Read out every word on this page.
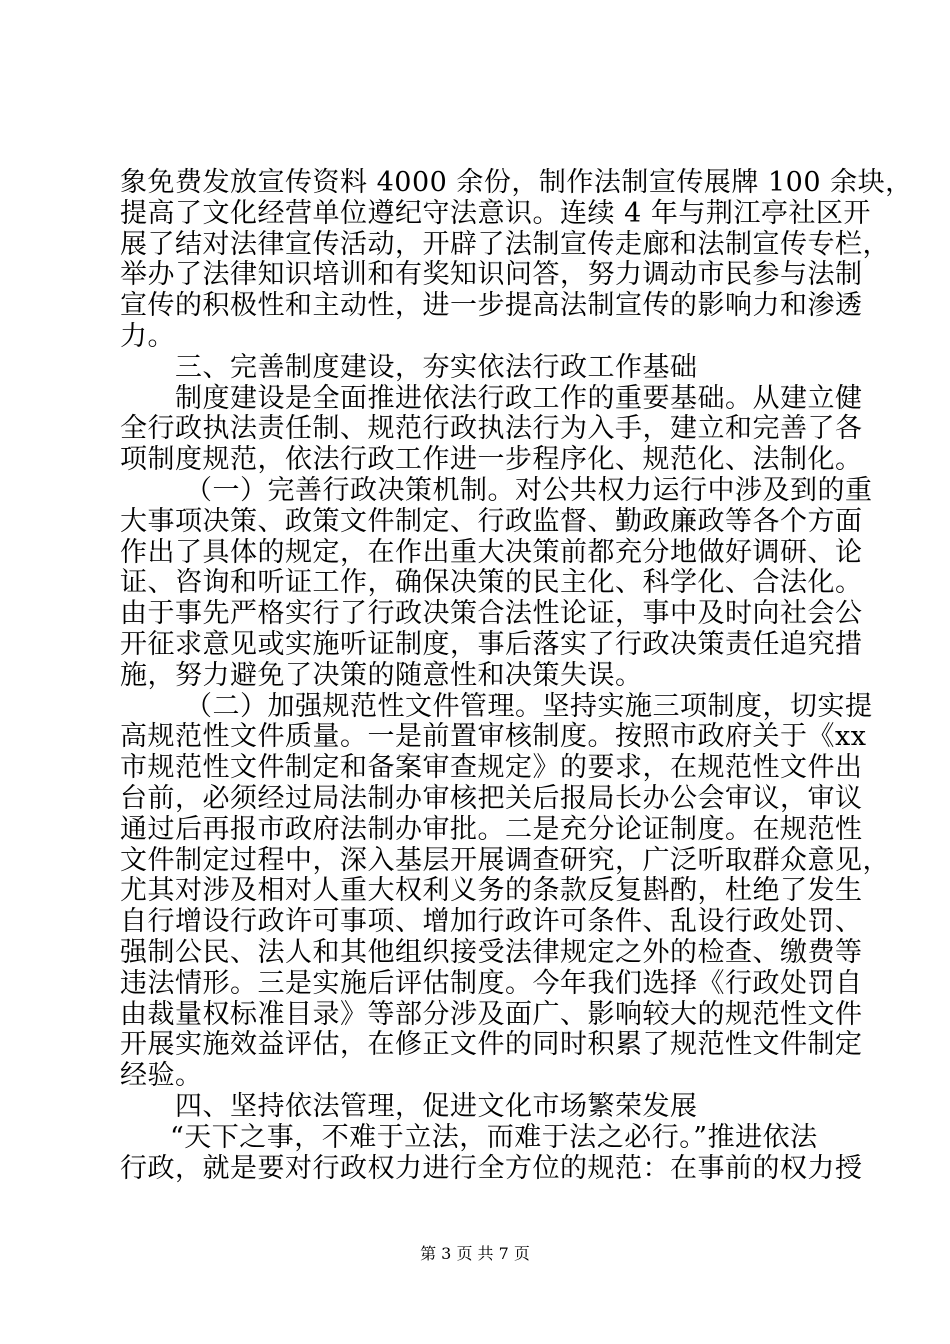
象免费发放宣传资料 4000 余份，制作法制宣传展牌 100 余块，
提高了文化经营单位遵纪守法意识。连续 4 年与荆江亭社区开
展了结对法律宣传活动，开辟了法制宣传走廊和法制宣传专栏，
举办了法律知识培训和有奖知识问答，努力调动市民参与法制
宣传的积极性和主动性，进一步提高法制宣传的影响力和渗透
力。
三、完善制度建设，夯实依法行政工作基础
制度建设是全面推进依法行政工作的重要基础。从建立健
全行政执法责任制、规范行政执法行为入手，建立和完善了各
项制度规范，依法行政工作进一步程序化、规范化、法制化。
（一）完善行政决策机制。对公共权力运行中涉及到的重
大事项决策、政策文件制定、行政监督、勤政廉政等各个方面
作出了具体的规定，在作出重大决策前都充分地做好调研、论
证、咨询和听证工作，确保决策的民主化、科学化、合法化。
由于事先严格实行了行政决策合法性论证，事中及时向社会公
开征求意见或实施听证制度，事后落实了行政决策责任追究措
施，努力避免了决策的随意性和决策失误。
（二）加强规范性文件管理。坚持实施三项制度，切实提
高规范性文件质量。一是前置审核制度。按照市政府关于《xx
市规范性文件制定和备案审查规定》的要求，在规范性文件出
台前，必须经过局法制办审核把关后报局长办公会审议，审议
通过后再报市政府法制办审批。二是充分论证制度。在规范性
文件制定过程中，深入基层开展调查研究，广泛听取群众意见，
尤其对涉及相对人重大权利义务的条款反复斟酌，杜绝了发生
自行增设行政许可事项、增加行政许可条件、乱设行政处罚、
强制公民、法人和其他组织接受法律规定之外的检查、缴费等
违法情形。三是实施后评估制度。今年我们选择《行政处罚自
由裁量权标准目录》等部分涉及面广、影响较大的规范性文件
开展实施效益评估，在修正文件的同时积累了规范性文件制定
经验。
四、坚持依法管理，促进文化市场繁荣发展
“天下之事，不难于立法，而难于法之必行。”推进依法
行政，就是要对行政权力进行全方位的规范：在事前的权力授
第 3 页 共 7 页
